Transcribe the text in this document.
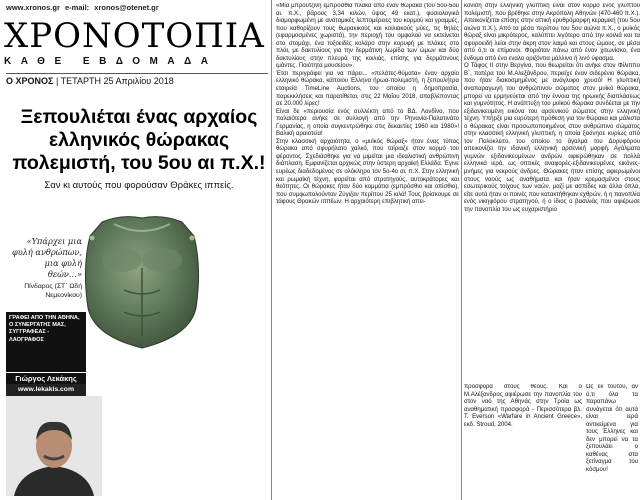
www.xronos.gr e-mail: xronos@otenet.gr
ΧΡΟΝΟΤΟΠΙΑ
ΚΑΘΕ ΕΒΔΟΜΑΔΑ
Ο ΧΡΟΝΟΣ | ΤΕΤΑΡΤΗ 25 Απριλίου 2018
Ξεπουλιέται ένας αρχαίος ελληνικός θώρακας πολεμιστή, του 5ου αι π.Χ.!
Σαν κι αυτούς που φορούσαν Θράκες ιππείς.
«Υπάρχει μια φυλή ανθρώπων, μια φυλή θεών…»
Πίνδαρος (ΣΤ΄ Ωδή Νεμεονίκου)
ΓΡΑΦΕΙ ΑΠΟ ΤΗΝ ΑΘΗΝΑ, Ο ΣΥΝΕΡΓΑΤΗΣ ΜΑΣ, ΣΥΓΓΡΑΦΕΑΣ - ΛΑΟΓΡΑΦΟΣ
Γιώργος Λεκάκης
www.lekakis.com

«Μια μπρούτζινη εμπρόσθια πλάκα από έναν θώρακα (του 5ου-5ου αι. π.Χ., βάρους 3,34 κιλών, ύψος 49 εκατ.), φυσιολογικά διαμορφωμένη με ανατομικές λεπτομέρειες του κορμού και γραμμές, που καθορίζουν τους θωρακικούς και κοιλιακούς μύες, τις θηλές (εφαρμοσμένες χωριστά), την περιοχή του ομφαλού να εκτείνεται στο στομάχι, ένα τοξοειδές κολάρο στην κορυφή με πλάκες στο πλάι, με δακτυλίους για την δερμάτινη λωρίδα των ώμων και δύο δακτυλίους στην πλευρά της κοιλιάς, επίσης για δερμάτινους ιμάντες. Ποιότητα μουσείου».

Έτσι περιγράφει για να πάρει... «πελάτες-θύματα» έναν αρχαίο ελληνικό θώρακα, κάποιου Έλληνα ήρωα-πολεμιστή, η ξεπουλήτρα εταιρεία TimeLine Auctions, του οποίου η δημοπρασία, παρεκκλήσεις και παρατίθεται, στις 22 Μαΐου 2018, απαβλέποντας σε 20.000 λίρες!

Είναι δε «περιουσία ενός συλλέκτη από το ΒΔ. Λονδίνο, που παλαιότερα ανήκε σε συλλογή από την Ρηνανία-Παλατινάτο Γερμανίας, η οποία συγκεντρώθηκε στις δεκαετίες 1960 και 1980»! Βαλική αραιοτεία!

Στην κλασσική αρχαιότητα, ο «μυϊκός θώραξ» ήταν ένας τύπος θώρακα από σφυρήλατο χαλκό, που ταίριαζε στον κορμό του φέροντος. Σχεδιάσθηκε για να μιμείται μια ιδεαλιστική ανθρώπινη διάπλαση. Εμφανίζεται αρχικώς στην ύστερη αρχαϊκή Ελλάδα. Έγινε ευρέως διαδεδομένος σε ολόκληρο τον 5ο-4ο αι. π.Χ. Στην ελληνική και ρωμαϊκή τέχνη, φορείται από στρατηγούς, αυτοκράτορες και θεότητες. Οι θώρακες ήταν δύο κομμάτια (εμπρόσθιο και οπίσθιο), που συμφωπολούνταν Ζύγιζαν περίπου 25 κιλά! Τους βρίσκουμε σε τάφους Θρακών ιππέων. Η αρχαιότερη επιβλητική απει-

κόνιση στην ελληνική γλυπτική είναι στον κορμό ενός γλυπτού πολεμιστή, που βρέθηκε στην Ακρόπολη Αθηνών (470-460 π.Χ.). Απεικονίζεται επίσης στην αττική ερυθρόμορφη κεραμική (του 5ου αιώνα π.Χ.). Από τα μέσα περίπου του 5ου αιώνα π.Χ., ο μυϊκός θώραξ είναι μικρότερος, καλύπτει λιγότερο από την κοιλιά και τα σφυροειδή λείοι στην άκρη στον λαιμό και στους ώμους, σε μέσα από ό,τι οι επίμονοι. Φοριόταν πάνω από έναν χιτωνίσκο, ένα ένδυμα από ένα εναλο οριζόντια μάλλινο ή λινό ύφασμα.

Ο Τάφος ΙΙ στην Βεργίνα, που θεωρείται ότι ανήκε στον Φίλιππο Β΄, πατέρα του Μ.Αλεξάνδρου, περιείχε έναν σιδερένιο θώρακα, που ήταν διακοσμημένος με ανάγλυφο χρυσό! Η γλυπτική αναπαραγωγή του ανθρώπινου σώματος στον μυϊκό θώρακα, μπορεί να ερμηνεύεται από την έννοια της ηρωικής διαπλάσεως και γυμνότητος. Η ανάπτυξη του μυϊκού θώρακα συνδέεται με την εξιδανικευμένη εικόνα του αρσενικού σώματος στην ελληνική τέχνη. Υπήρξε μια ευρύτερη πρόθεση για τον θώρακα και μάλιστα ο θώρακας είναι προσωποποιημένος στον ανθρώπινο σώματος στην κλασσική ελληνική γλυπτική, η οποία ξεκίνησε κυρίως από τον Πολύκλειτο, του οποίου το άγαλμα του Δορυφόρου απεικονίζει την ιδανική ελληνική αρσενική μορφή. Αγάλματα γυμνών εξιδανικευμένων ανδρών αφιερώθηκαν σε πολλά ελληνικά ιερά, ως οπτικές αναφορές-εξιδανικευμένες εικόνες-μνήμες για νεκρούς άνδρες. Θώρακες ήταν επίσης αφιερωμένοι στους ναούς ως αναθήματα και ήταν κρεμασμένοι στους εσωτερικούς τοίχους των ναών, μαζί με ασπίδες και άλλα όπλα, είτε αυτά ήταν οι ποινές που κατακτήθηκαν εχθρών, ή η πανοπλία ενός νικηφόρου στρατηγού, ή ο ίδιος ο βασιλιάς που αφιέρωσε την πανοπλία του ως ευχαριστήριο

προσφορά στους θεούς. Και ο Μ.Αλέξανδρος αφιέρωσε την πανοπλία του στον ναό της Αθηνάς στην Τροία ως αναθηματική προσφορά - Περισσότερα βλ. T. Everson «Warfare in Ancient Greece», εκδ. Stroud, 2004.

Ως εκ τούτου, αν ό,τι όλα τα παραπάνω συνάγεται ότι αυτά είναι ιερά αντικείμενα για τους Έλληνες και δεν μπορεί να τα ξεπουλάει ο καθένας στα ξετίναγμα του κόσμου!
